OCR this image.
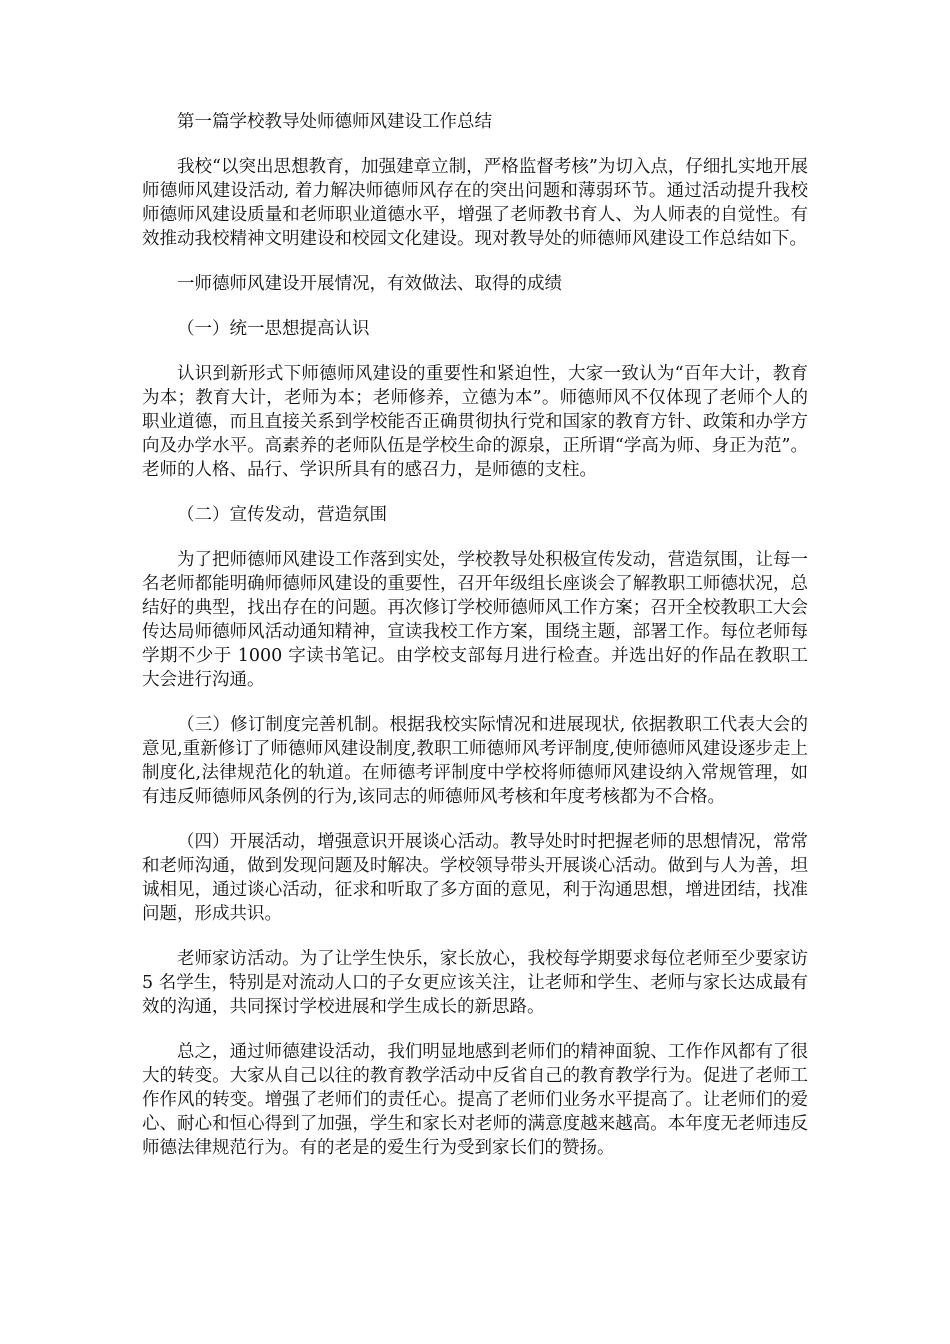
第一篇学校教导处师德师风建设工作总结

我校“以突出思想教育，加强建章立制，严格监督考核”为切入点，仔细扎实地开展师德师风建设活动, 着力解决师德师风存在的突出问题和薄弱环节。通过活动提升我校师德师风建设质量和老师职业道德水平，增强了老师教书育人、为人师表的自觉性。有效推动我校精神文明建设和校园文化建设。现对教导处的师德师风建设工作总结如下。

一师德师风建设开展情况，有效做法、取得的成绩

（一）统一思想提高认识

认识到新形式下师德师风建设的重要性和紧迫性，大家一致认为“百年大计，教育为本；教育大计，老师为本；老师修养，立德为本”。师德师风不仅体现了老师个人的职业道德，而且直接关系到学校能否正确贯彻执行党和国家的教育方针、政策和办学方向及办学水平。高素养的老师队伍是学校生命的源泉，正所谓“学高为师、身正为范”。老师的人格、品行、学识所具有的感召力，是师德的支柱。

（二）宣传发动，营造氛围

为了把师德师风建设工作落到实处，学校教导处积极宣传发动，营造氛围，让每一名老师都能明确师德师风建设的重要性，召开年级组长座谈会了解教职工师德状况，总结好的典型，找出存在的问题。再次修订学校师德师风工作方案；召开全校教职工大会传达局师德师风活动通知精神，宣读我校工作方案，围绕主题，部署工作。每位老师每学期不少于 1000 字读书笔记。由学校支部每月进行检查。并选出好的作品在教职工大会进行沟通。

（三）修订制度完善机制。根据我校实际情况和进展现状, 依据教职工代表大会的意见,重新修订了师德师风建设制度,教职工师德师风考评制度,使师德师风建设逐步走上制度化,法律规范化的轨道。在师德考评制度中学校将师德师风建设纳入常规管理，如有违反师德师风条例的行为,该同志的师德师风考核和年度考核都为不合格。

（四）开展活动，增强意识开展谈心活动。教导处时时把握老师的思想情况，常常和老师沟通，做到发现问题及时解决。学校领导带头开展谈心活动。做到与人为善，坦诚相见，通过谈心活动，征求和听取了多方面的意见，利于沟通思想，增进团结，找准问题，形成共识。

老师家访活动。为了让学生快乐，家长放心，我校每学期要求每位老师至少要家访 5 名学生，特别是对流动人口的子女更应该关注，让老师和学生、老师与家长达成最有效的沟通，共同探讨学校进展和学生成长的新思路。

总之，通过师德建设活动，我们明显地感到老师们的精神面貌、工作作风都有了很大的转变。大家从自己以往的教育教学活动中反省自己的教育教学行为。促进了老师工作作风的转变。增强了老师们的责任心。提高了老师们业务水平提高了。让老师们的爱心、耐心和恒心得到了加强，学生和家长对老师的满意度越来越高。本年度无老师违反师德法律规范行为。有的老是的爱生行为受到家长们的赞扬。
